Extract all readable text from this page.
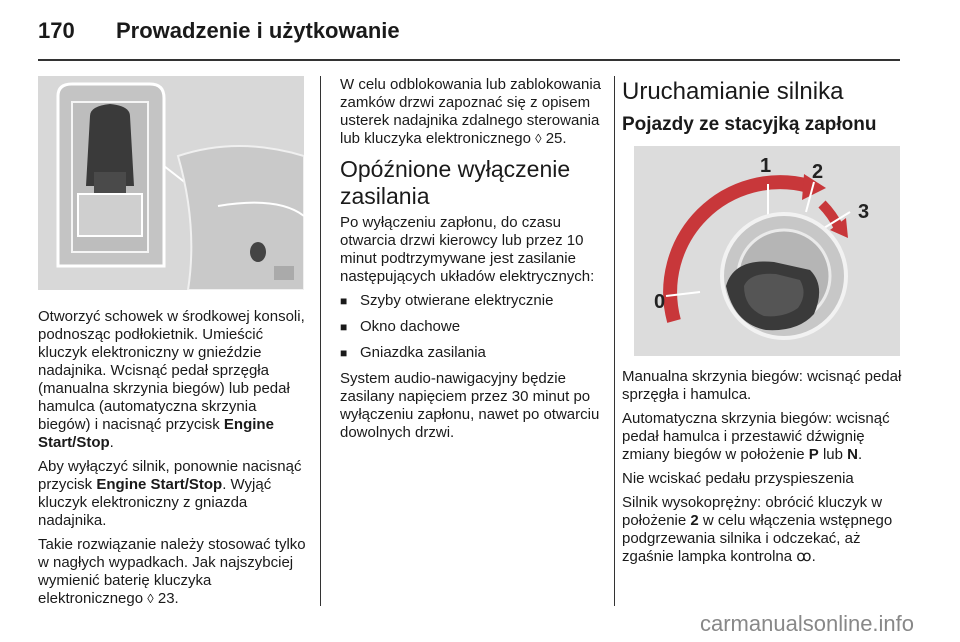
170 Prowadzenie i użytkowanie

Otworzyć schowek w środkowej konsoli, podnosząc podłokietnik. Umieścić kluczyk elektroniczny w gnieździe nadajnika. Wcisnąć pedał sprzęgła (manualna skrzynia biegów) lub pedał hamulca (automatyczna skrzynia biegów) i nacisnąć przycisk Engine Start/Stop.

Aby wyłączyć silnik, ponownie nacisnąć przycisk Engine Start/Stop. Wyjąć kluczyk elektroniczny z gniazda nadajnika.

Takie rozwiązanie należy stosować tylko w nagłych wypadkach. Jak najszybciej wymienić baterię kluczyka elektronicznego ◊ 23.

W celu odblokowania lub zablokowania zamków drzwi zapoznać się z opisem usterek nadajnika zdalnego sterowania lub kluczyka elektronicznego ◊ 25.

Opóźnione wyłączenie zasilania

Po wyłączeniu zapłonu, do czasu otwarcia drzwi kierowcy lub przez 10 minut podtrzymywane jest zasilanie następujących układów elektrycznych:

■ Szyby otwierane elektrycznie
■ Okno dachowe
■ Gniazdka zasilania

System audio-nawigacyjny będzie zasilany napięciem przez 30 minut po wyłączeniu zapłonu, nawet po otwarciu dowolnych drzwi.

Uruchamianie silnika
Pojazdy ze stacyjką zapłonu
0
1 2
3

Manualna skrzynia biegów: wcisnąć pedał sprzęgła i hamulca.

Automatyczna skrzynia biegów: wcisnąć pedał hamulca i przestawić dźwignię zmiany biegów w położenie P lub N.

Nie wciskać pedału przyspieszenia

Silnik wysokoprężny: obrócić kluczyk w położenie 2 w celu włączenia wstępnego podgrzewania silnika i odczekać, aż zgaśnie lampka kontrolna ꝏ.

carmanualsonline.info
